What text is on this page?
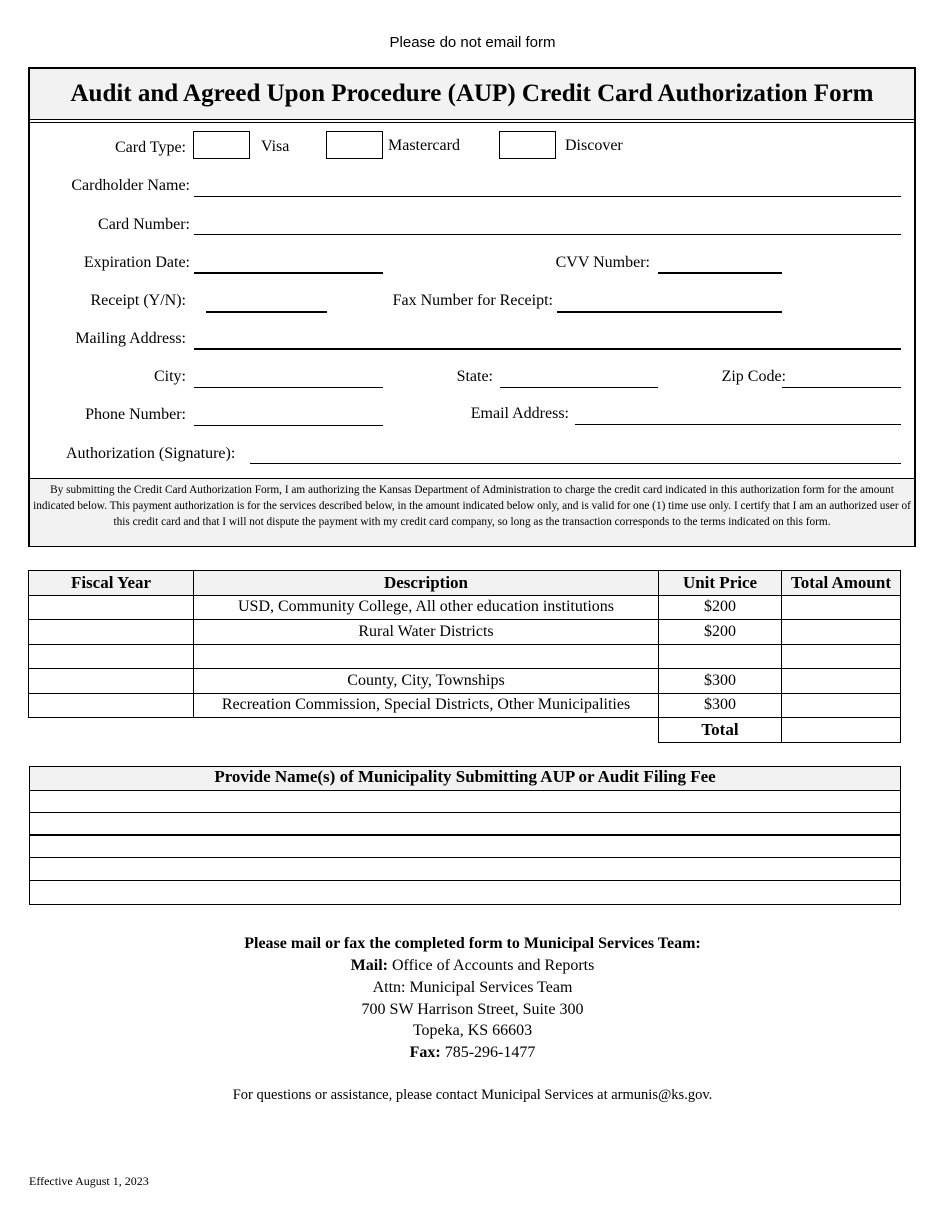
Please do not email form
Audit and Agreed Upon Procedure (AUP) Credit Card Authorization Form
Card Type:	Visa	Mastercard	Discover
Cardholder Name:
Card Number:
Expiration Date:	CVV Number:
Receipt (Y/N):	Fax Number for Receipt:
Mailing Address:
City:	State:	Zip Code:
Phone Number:	Email Address:
Authorization (Signature):
By submitting the Credit Card Authorization Form, I am authorizing the Kansas Department of Administration to charge the credit card indicated in this authorization form for the amount indicated below. This payment authorization is for the services described below, in the amount indicated below only, and is valid for one (1) time use only. I certify that I am an authorized user of this credit card and that I will not dispute the payment with my credit card company, so long as the transaction corresponds to the terms indicated on this form.
Fiscal Year	Description	Unit Price	Total Amount
	USD, Community College, All other education institutions	$200	
	Rural Water Districts	$200	

	County, City, Townships	$300	
	Recreation Commission, Special Districts, Other Municipalities	$300	
		Total	
Provide Name(s) of Municipality Submitting AUP or Audit Filing Fee
Please mail or fax the completed form to Municipal Services Team:
Mail: Office of Accounts and Reports
Attn: Municipal Services Team
700 SW Harrison Street, Suite 300
Topeka, KS 66603
Fax: 785-296-1477
For questions or assistance, please contact Municipal Services at armunis@ks.gov.
Effective August 1, 2023
